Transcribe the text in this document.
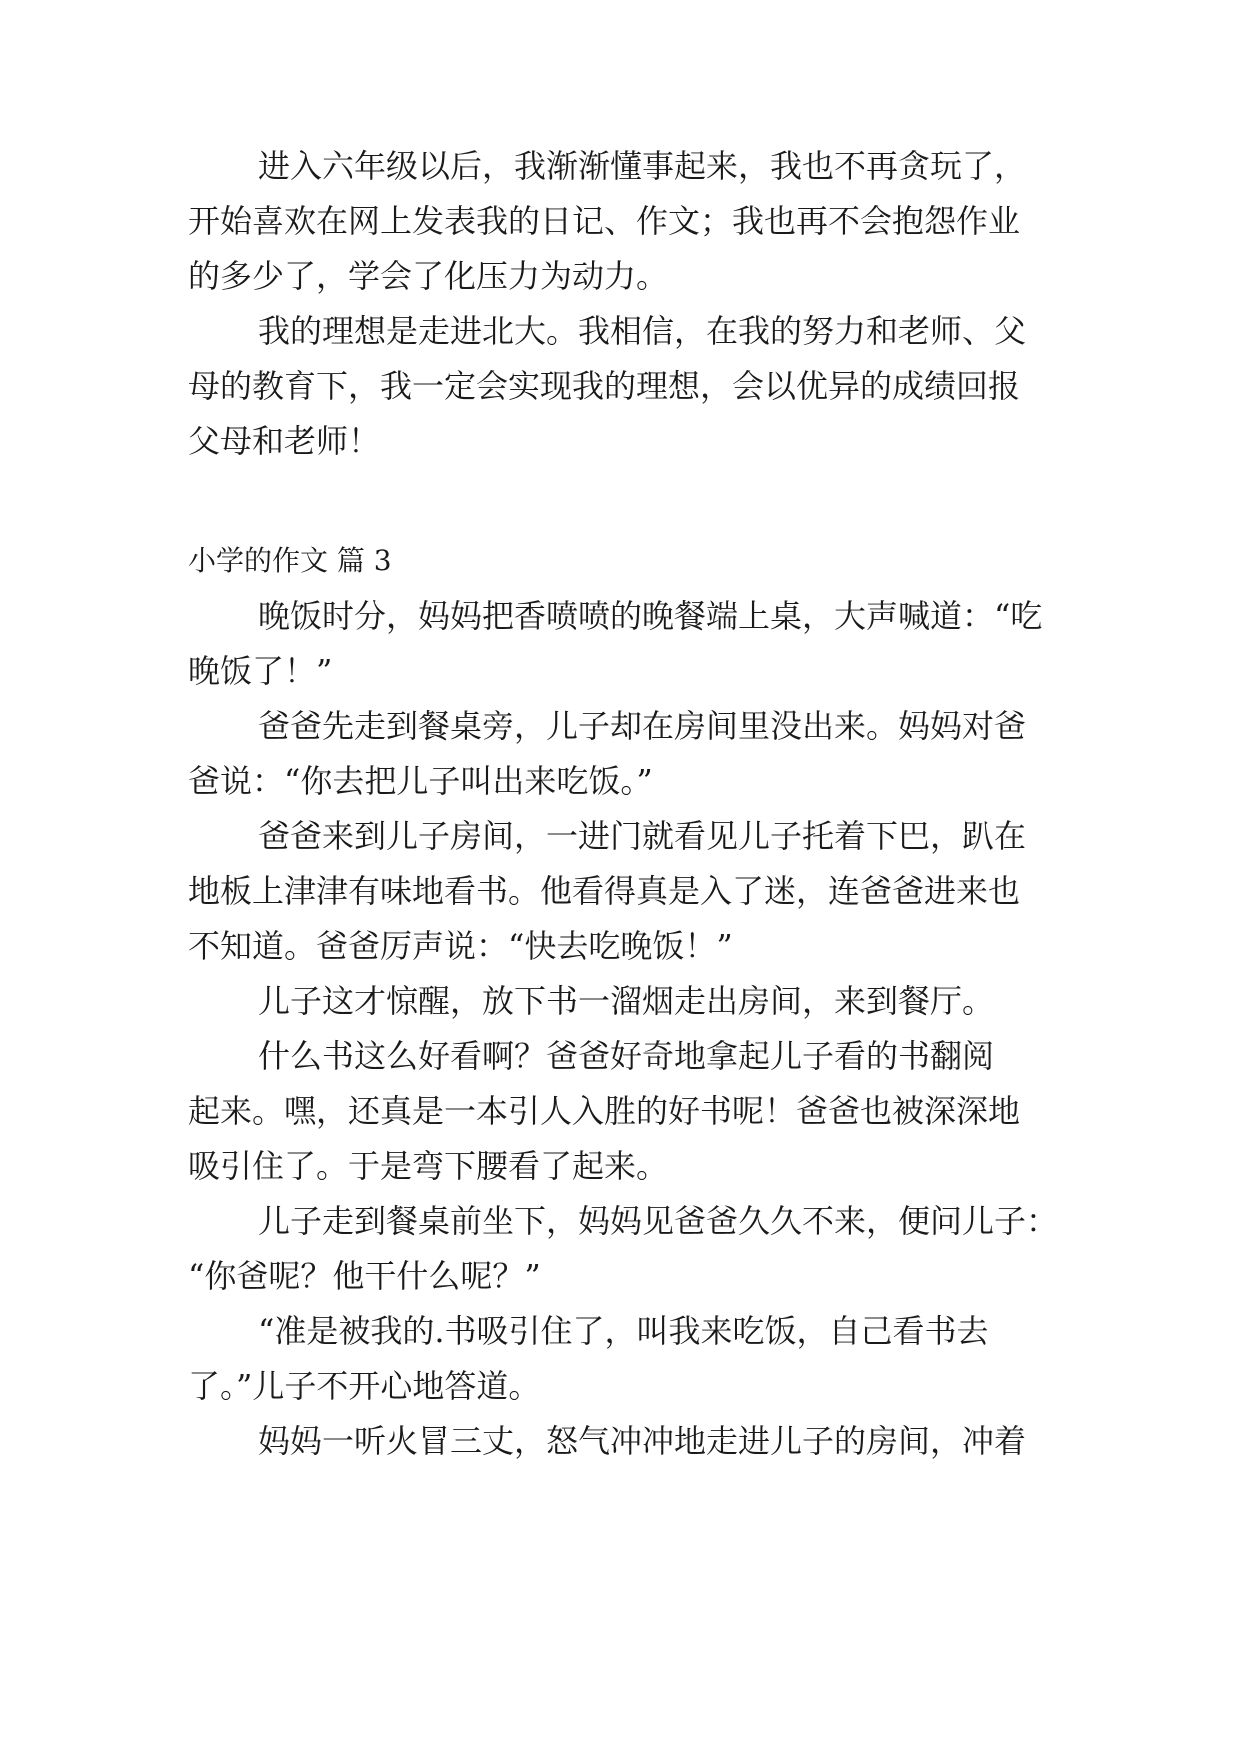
进入六年级以后，我渐渐懂事起来，我也不再贪玩了，
开始喜欢在网上发表我的日记、作文；我也再不会抱怨作业
的多少了，学会了化压力为动力。
我的理想是走进北大。我相信，在我的努力和老师、父
母的教育下，我一定会实现我的理想，会以优异的成绩回报
父母和老师！
小学的作文 篇 3
晚饭时分，妈妈把香喷喷的晚餐端上桌，大声喊道：“吃
晚饭了！”
爸爸先走到餐桌旁，儿子却在房间里没出来。妈妈对爸
爸说：“你去把儿子叫出来吃饭。”
爸爸来到儿子房间，一进门就看见儿子托着下巴，趴在
地板上津津有味地看书。他看得真是入了迷，连爸爸进来也
不知道。爸爸厉声说：“快去吃晚饭！”
儿子这才惊醒，放下书一溜烟走出房间，来到餐厅。
什么书这么好看啊？爸爸好奇地拿起儿子看的书翻阅
起来。嘿，还真是一本引人入胜的好书呢！爸爸也被深深地
吸引住了。于是弯下腰看了起来。
儿子走到餐桌前坐下，妈妈见爸爸久久不来，便问儿子：
“你爸呢？他干什么呢？”
“准是被我的.书吸引住了，叫我来吃饭，自己看书去
了。”儿子不开心地答道。
妈妈一听火冒三丈，怒气冲冲地走进儿子的房间，冲着
